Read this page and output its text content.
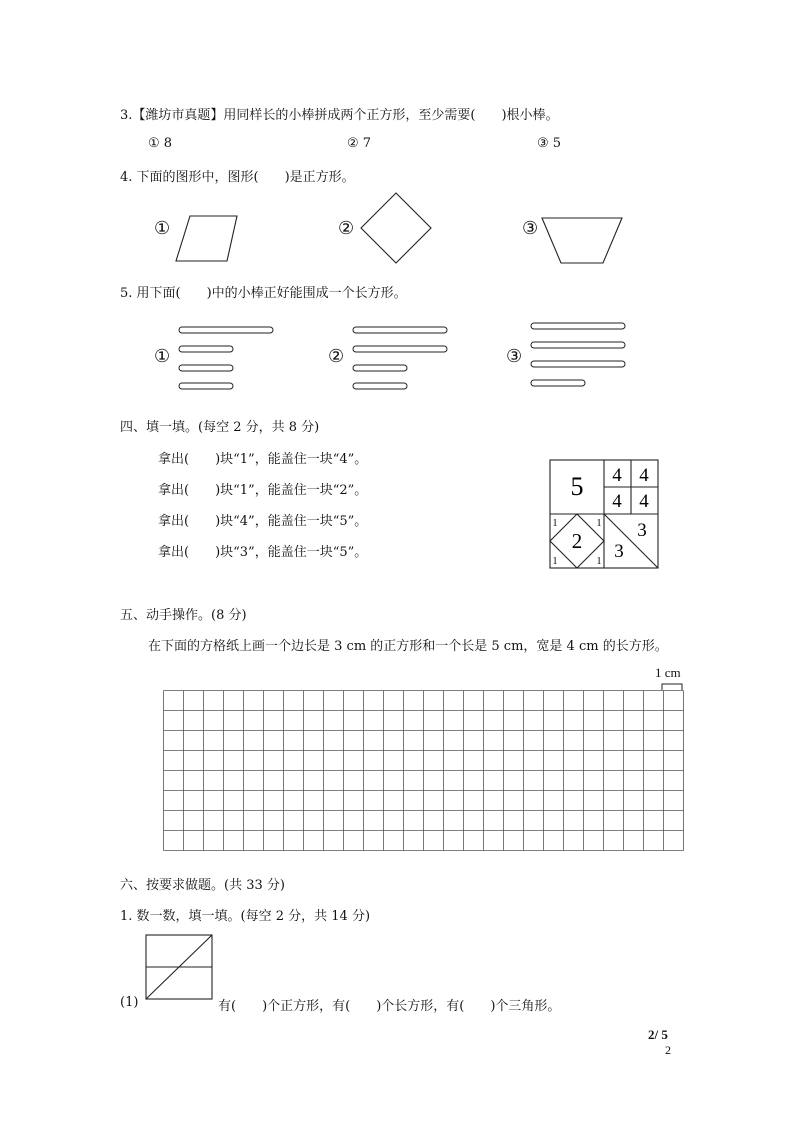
3.【潍坊市真题】用同样长的小棒拼成两个正方形，至少需要(　　)根小棒。
① 8	② 7	③ 5
4. 下面的图形中，图形(　　)是正方形。
①	②	③
5. 用下面(　　)中的小棒正好能围成一个长方形。
①	②	③
四、填一填。(每空 2 分，共 8 分)
拿出(　　)块“1”，能盖住一块“4”。
拿出(　　)块“1”，能盖住一块“2”。
拿出(　　)块“4”，能盖住一块“5”。
拿出(　　)块“3”，能盖住一块“5”。
5 4 4
4 4
3
3
2
1	1
1	1
五、动手操作。(8 分)
在下面的方格纸上画一个边长是 3 cm 的正方形和一个长是 5 cm，宽是 4 cm 的长方形。
1 cm
六、按要求做题。(共 33 分)
1. 数一数，填一填。(每空 2 分，共 14 分)
(1)	有(　　)个正方形，有(　　)个长方形，有(　　)个三角形。
2/ 5
2
